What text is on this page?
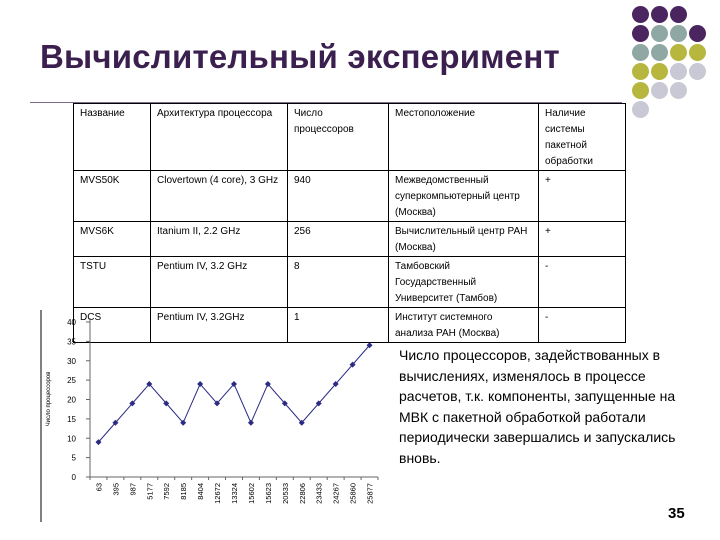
Вычислительный эксперимент
Название	Архитектура процессора	Число процессоров	Местоположение	Наличие системы пакетной обработки
MVS50K	Clovertown (4 core), 3 GHz	940	Межведомственный суперкомпьютерный центр (Москва)	+
MVS6K	Itanium II, 2.2 GHz	256	Вычислительный центр РАН (Москва)	+
TSTU	Pentium IV, 3.2 GHz	8	Тамбовский Государственный Университет (Тамбов)	-
DCS	Pentium IV, 3.2GHz	1	Институт системного анализа РАН (Москва)	-
Число процессоров
0
5
10
15
20
25
30
35
40
63 395 987 5177 7592 8185 8404 12672 13324 15602 15623 20533 22806 23433 24267 25860 25877
Число процессоров, задействованных в вычислениях, изменялось в процессе расчетов, т.к. компоненты, запущенные на МВК с пакетной обработкой работали периодически завершались и запускались вновь.
35
